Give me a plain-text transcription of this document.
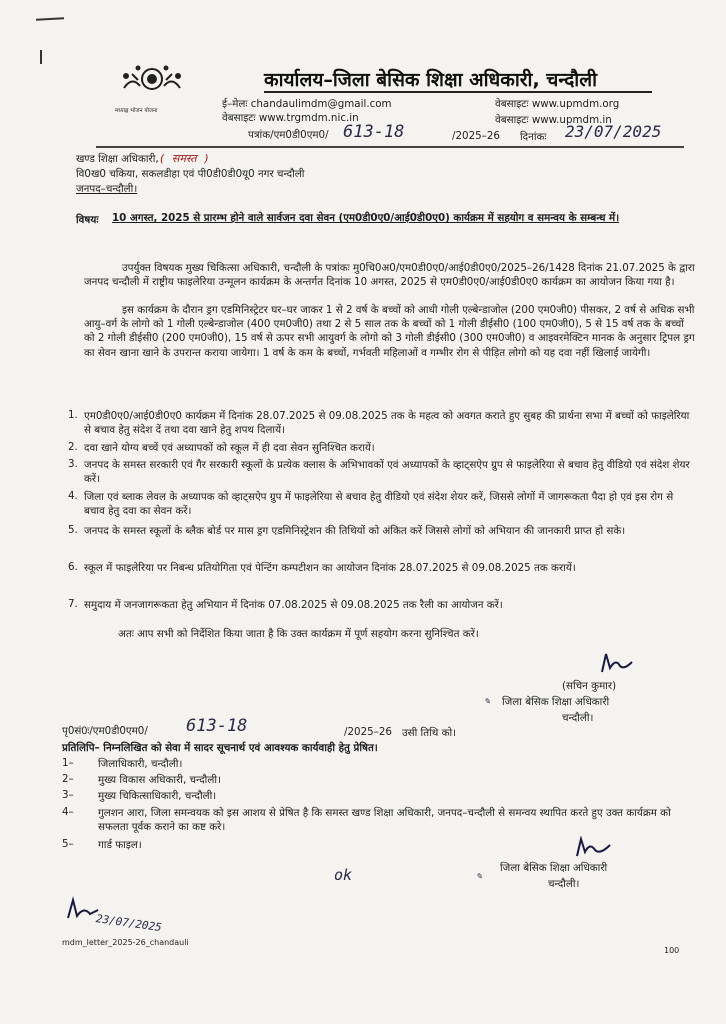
मध्याह्न भोजन योजना
कार्यालय–जिला बेसिक शिक्षा अधिकारी, चन्दौली
ई–मेलः chandaulimdm@gmail.com
वेबसाइटः www.trgmdm.nic.in
वेबसाइटः www.upmdm.org
वेबसाइटः www.upmdm.in
पत्रांक/एम0डी0एम0/ 613-18	/2025–26 दिनांकः 23/07/2025
खण्ड शिक्षा अधिकारी,( समस्त )
वि0ख0 चकिया, सकलडीहा एवं पी0डी0डी0यू0 नगर चन्दौली
जनपद–चन्दौली।
विषयः 10 अगस्त, 2025 से प्रारम्भ होने वाले सार्वजन दवा सेवन (एम0डी0ए0/आई0डी0ए0) कार्यक्रम में सहयोग व समन्वय के सम्बन्ध में।
उपर्युक्त विषयक मुख्य चिकित्सा अधिकारी, चन्दौली के पत्रांकः मु0चि0अ0/एम0डी0ए0/आई0डी0ए0/2025–26/1428 दिनांक 21.07.2025 के द्वारा जनपद चन्दौली में राष्ट्रीय फाइलेरिया उन्मूलन कार्यक्रम के अन्तर्गत दिनांक 10 अगस्त, 2025 से एम0डी0ए0/आई0डी0ए0 कार्यक्रम का आयोजन किया गया है।
इस कार्यक्रम के दौरान ड्रग एडमिनिस्ट्रेटर घर–घर जाकर 1 से 2 वर्ष के बच्चों को आधी गोली एल्बेन्डाजोल (200 एम0जी0) पीसकर, 2 वर्ष से अधिक सभी आयु–वर्ग के लोगो को 1 गोली एल्बेन्डाजोल (400 एम0जी0) तथा 2 से 5 साल तक के बच्चों को 1 गोली डीईसी0 (100 एम0जी0), 5 से 15 वर्ष तक के बच्चों को 2 गोली डीईसी0 (200 एम0जी0), 15 वर्ष से ऊपर सभी आयुवर्ग के लोगो को 3 गोली डीईसी0 (300 एम0जी0) व आइवरमेक्टिन मानक के अनुसार ट्रिपल ड्रग का सेवन खाना खाने के उपरान्त कराया जायेगा। 1 वर्ष के कम के बच्चों, गर्भवती महिलाओं व गम्भीर रोग से पीड़ित लोगो को यह दवा नहीं खिलाई जायेगी।
1. एम0डी0ए0/आई0डी0ए0 कार्यक्रम में दिनांक 28.07.2025 से 09.08.2025 तक के महत्व को अवगत कराते हुए सुबह की प्रार्थना सभा में बच्चों को फाइलेरिया से बचाव हेतु संदेश दें तथा दवा खाने हेतु शपथ दिलायें।
2. दवा खाने योग्य बच्चें एवं अध्यापकों को स्कूल में ही दवा सेवन सुनिश्चित करायें।
3. जनपद के समस्त सरकारी एवं गैर सरकारी स्कूलों के प्रत्येक क्लास के अभिभावकों एवं अध्यापकों के व्हाट्सऐप ग्रुप से फाइलेरिया से बचाव हेतु वीडियो एवं संदेश शेयर करें।
4. जिला एवं ब्लाक लेवल के अध्यापक को व्हाट्सऐप ग्रुप में फाइलेरिया से बचाव हेतु वीडियो एवं संदेश शेयर करें, जिससे लोगों में जागरूकता पैदा हो एवं इस रोग से बचाव हेतु दवा का सेवन करें।
5. जनपद के समस्त स्कूलों के ब्लैक बोर्ड पर मास ड्रग एडमिनिस्ट्रेशन की तिथियों को अंकित करें जिससे लोगों को अभियान की जानकारी प्राप्त हो सके।
6. स्कूल में फाइलेरिया पर निबन्ध प्रतियोगिता एवं पेन्टिंग कम्पटीशन का आयोजन दिनांक 28.07.2025 से 09.08.2025 तक करायें।
7. समुदाय में जनजागरूकता हेतु अभियान में दिनांक 07.08.2025 से 09.08.2025 तक रैली का आयोजन करें।
अतः आप सभी को निर्देशित किया जाता है कि उक्त कार्यक्रम में पूर्ण सहयोग करना सुनिश्चित करें।
(सचिन कुमार)
✎ जिला बेसिक शिक्षा अधिकारी
चन्दौली।
पृ0सं0ः/एम0डी0एम0/ 613-18	/2025–26 उसी तिथि को।
प्रतिलिपि– निम्नलिखित को सेवा में सादर सूचनार्थ एवं आवश्यक कार्यवाही हेतु प्रेषित।
1– जिलाधिकारी, चन्दौली।
2– मुख्य विकास अधिकारी, चन्दौली।
3– मुख्य चिकित्साधिकारी, चन्दौली।
4– गुलशन आरा, जिला समन्वयक को इस आशय से प्रेषित है कि समस्त खण्ड शिक्षा अधिकारी, जनपद–चन्दौली से समन्वय स्थापित करते हुए उक्त कार्यक्रम को सफलता पूर्वक कराने का कष्ट करे।
5– गार्ड फाइल।
✎
जिला बेसिक शिक्षा अधिकारी
चन्दौली।
ok
23/07/2025
mdm_letter_2025-26_chandauli
100
